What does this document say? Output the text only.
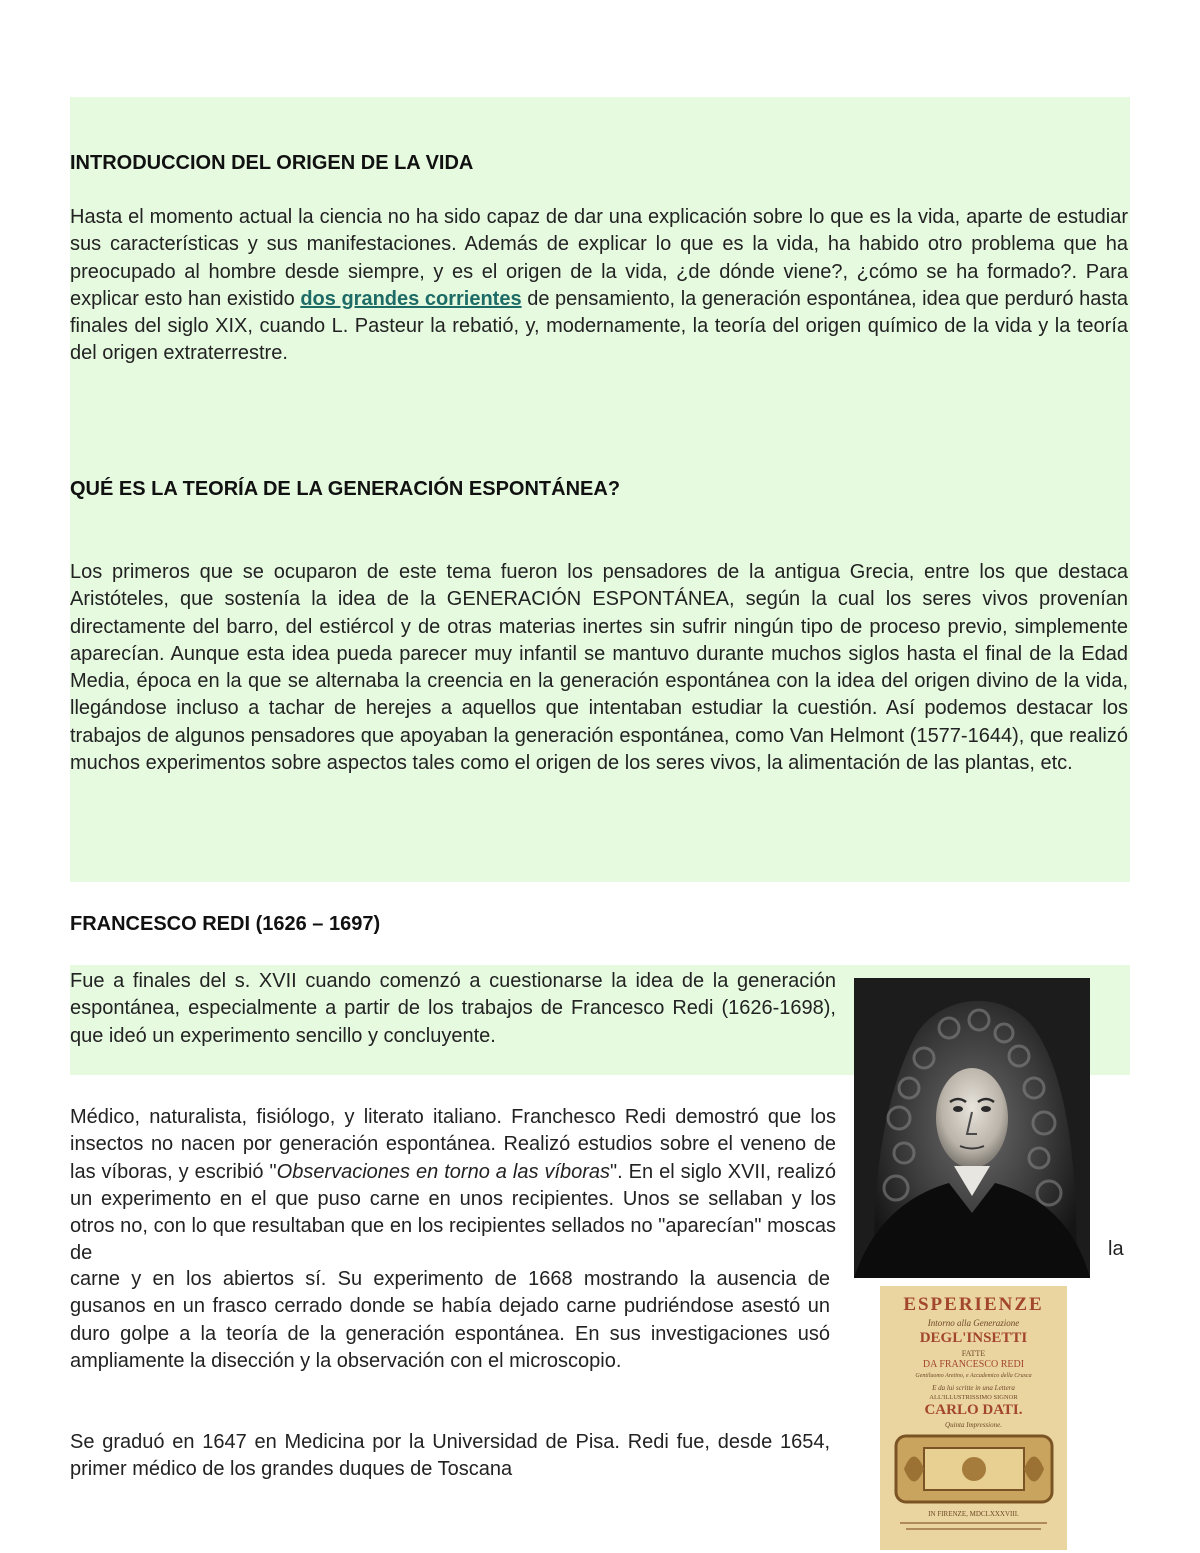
INTRODUCCION DEL ORIGEN DE LA VIDA

Hasta el momento actual la ciencia no ha sido capaz de dar una explicación sobre lo que es la vida, aparte de estudiar sus características y sus manifestaciones. Además de explicar lo que es la vida, ha habido otro problema que ha preocupado al hombre desde siempre, y es el origen de la vida, ¿de dónde viene?, ¿cómo se ha formado?. Para explicar esto han existido dos grandes corrientes de pensamiento, la generación espontánea, idea que perduró hasta finales del siglo XIX, cuando L. Pasteur la rebatió, y, modernamente, la teoría del origen químico de la vida y la teoría del origen extraterrestre.

QUÉ ES LA TEORÍA DE LA GENERACIÓN ESPONTÁNEA?

Los primeros que se ocuparon de este tema fueron los pensadores de la antigua Grecia, entre los que destaca Aristóteles, que sostenía la idea de la GENERACIÓN ESPONTÁNEA, según la cual los seres vivos provenían directamente del barro, del estiércol y de otras materias inertes sin sufrir ningún tipo de proceso previo, simplemente aparecían. Aunque esta idea pueda parecer muy infantil se mantuvo durante muchos siglos hasta el final de la Edad Media, época en la que se alternaba la creencia en la generación espontánea con la idea del origen divino de la vida, llegándose incluso a tachar de herejes a aquellos que intentaban estudiar la cuestión. Así podemos destacar los trabajos de algunos pensadores que apoyaban la generación espontánea, como Van Helmont (1577-1644), que realizó muchos experimentos sobre aspectos tales como el origen de los seres vivos, la alimentación de las plantas, etc.

FRANCESCO REDI (1626 – 1697)

Fue a finales del s. XVII cuando comenzó a cuestionarse la idea de la generación espontánea, especialmente a partir de los trabajos de Francesco Redi (1626-1698), que ideó un experimento sencillo y concluyente.

Médico, naturalista, fisiólogo, y literato italiano. Franchesco Redi demostró que los insectos no nacen por generación espontánea. Realizó estudios sobre el veneno de las víboras, y escribió "Observaciones en torno a las víboras". En el siglo XVII, realizó un experimento en el que puso carne en unos recipientes. Unos se sellaban y los otros no, con lo que resultaban que en los recipientes sellados no "aparecían" moscas de	la

carne y en los abiertos sí. Su experimento de 1668 mostrando la ausencia de gusanos en un frasco cerrado donde se había dejado carne pudriéndose asestó un duro golpe a la teoría de la generación espontánea. En sus investigaciones usó ampliamente la disección y la observación con el microscopio.

Se graduó en 1647 en Medicina por la Universidad de Pisa. Redi fue, desde 1654, primer médico de los grandes duques de Toscana

ESPERIENZE
Intorno alla Generazione
DEGL'INSETTI
FATTE
DA FRANCESCO REDI
Gentiluomo Aretino, e Accademico della Crusca
E da lui scritte in una Lettera
ALL'ILLUSTRISSIMO SIGNOR
CARLO DATI.
Quinta Impressione.
IN FIRENZE, MDCLXXXVIII.
